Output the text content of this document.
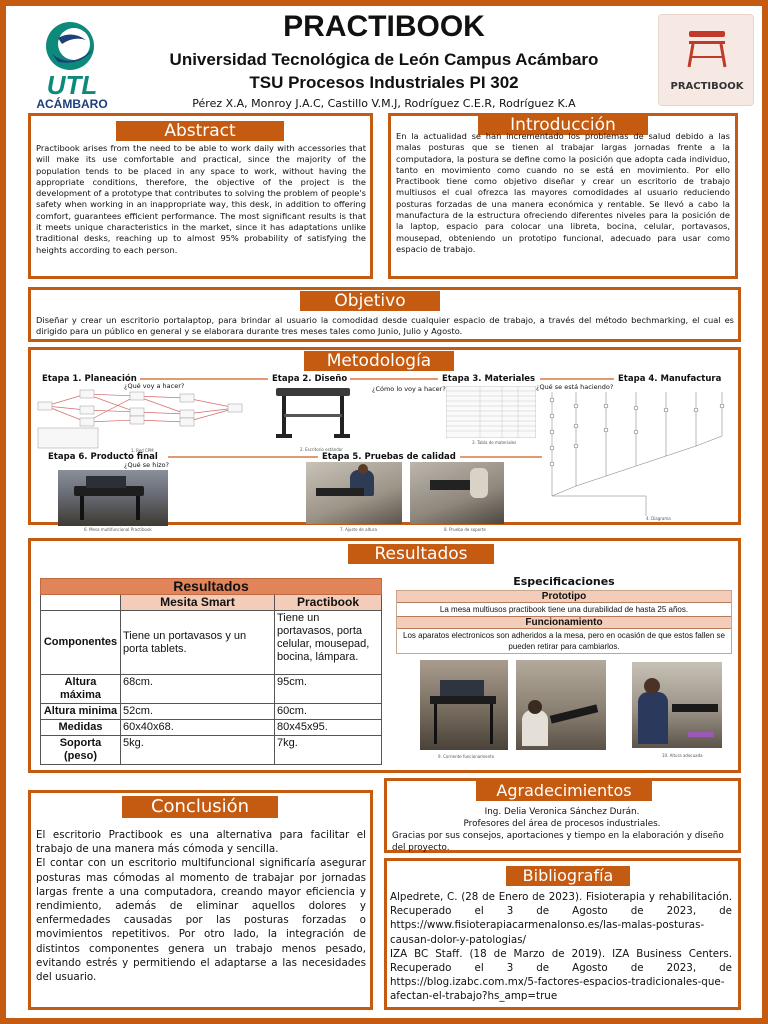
UTL
ACÁMBARO
PRACTIBOOK
Universidad Tecnológica de León Campus Acámbaro
TSU Procesos Industriales PI 302
Pérez X.A, Monroy J.A.C, Castillo V.M.J, Rodríguez C.E.R, Rodríguez K.A
PRACTIBOOK
Abstract
Practibook arises from the need to be able to work daily with accessories that will make its use comfortable and practical, since the majority of the population tends to be placed in any space to work, without having the appropriate conditions, therefore, the objective of the project is the development of a prototype that contributes to solving the problem of people's safety when working in an inappropriate way, this desk, in addition to offering comfort, guarantees efficient performance. The most significant results is that it meets unique characteristics in the market, since it has adaptations unlike traditional desks, reaching up to almost 95% probability of satisfying the heights according to each person.
Introducción
En la actualidad se han incrementado los problemas de salud debido a las malas posturas que se tienen al trabajar largas jornadas frente a la computadora, la postura se define como la posición que adopta cada individuo, tanto en movimiento como cuando no se está en movimiento. Por ello Practibook tiene como objetivo diseñar y crear un escritorio de trabajo multiusos el cual ofrezca las mayores comodidades al usuario reduciendo posturas forzadas de una manera económica y rentable. Se llevó a cabo la manufactura de la estructura ofreciendo diferentes niveles para la posición de la laptop, espacio para colocar una libreta, bocina, celular, portavasos, mousepad, obteniendo un prototipo funcional, adecuado para usar como espacio de trabajo.
Objetivo
Diseñar y crear un escritorio portalaptop, para brindar al usuario la comodidad desde cualquier espacio de trabajo, a través del método bechmarking, el cual es dirigido para un público en general y se elaborara durante tres meses tales como Junio, Julio y Agosto.
Metodología
Etapa 1. Planeación
¿Qué voy a hacer?
Etapa 2. Diseño
¿Cómo lo voy a hacer?
Etapa 3. Materiales
¿Qué se está haciendo?
Etapa 4. Manufactura
1. Red CPM	2. Escritorio estándar
3. Tabla de materiales
4. Diagrama
Etapa 6. Producto final
¿Qué se hizo?
Etapa 5. Pruebas de calidad
6. Mesa multifuncional Practibook	7. Ajuste de altura	8. Prueba de soporte
Resultados
Resultados		
	Mesita Smart	Practibook
Componentes	Tiene un portavasos y un porta tablets.	Tiene un portavasos, porta celular, mousepad, bocina, lámpara.
Altura máxima	68cm.	95cm.
Altura minima	52cm.	60cm.
Medidas	60x40x68.	80x45x95.
Soporta (peso)	5kg.	7kg.
Especificaciones
Prototipo
La mesa multiusos practibook tiene una durabilidad de hasta 25 años.
Funcionamiento
Los aparatos electronicos son adheridos a la mesa, pero en ocasión de que estos fallen se pueden retirar para cambiarlos.
9. Corriente funcionamiento	10. Altura adecuada
Conclusión
El escritorio Practibook es una alternativa para facilitar el trabajo de una manera más cómoda y sencilla.
El contar con un escritorio multifuncional significaría asegurar posturas mas cómodas al momento de trabajar por jornadas largas frente a una computadora, creando mayor eficiencia y rendimiento, además de eliminar aquellos dolores y enfermedades causadas por las posturas forzadas o movimientos repetitivos. Por otro lado, la integración de distintos componentes genera un trabajo menos pesado, evitando estrés y permitiendo el adaptarse a las necesidades del usuario.
Agradecimientos
Ing. Delia Veronica Sánchez Durán.
Profesores del área de procesos industriales.
Gracias por sus consejos, aportaciones y tiempo en la elaboración y diseño del proyecto.
Bibliografía
Alpedrete, C. (28 de Enero de 2023). Fisioterapia y rehabilitación. Recuperado el 3 de Agosto de 2023, de https://www.fisioterapiacarmenalonso.es/las-malas-posturas-causan-dolor-y-patologias/
IZA BC Staff. (18 de Marzo de 2019). IZA Business Centers. Recuperado el 3 de Agosto de 2023, de https://blog.izabc.com.mx/5-factores-espacios-tradicionales-que-afectan-el-trabajo?hs_amp=true
